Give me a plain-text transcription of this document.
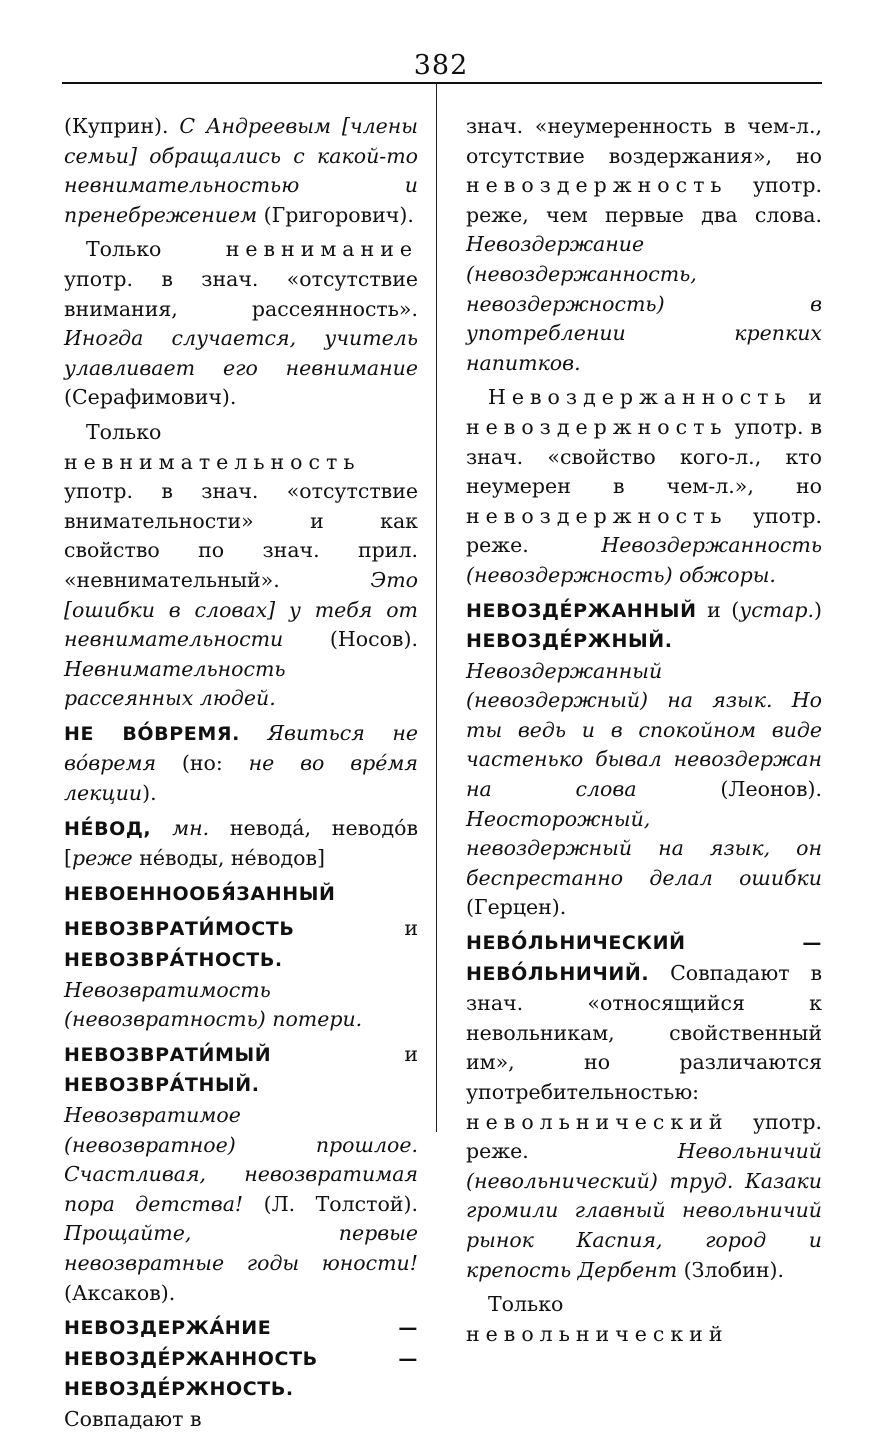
382

(Куприн). С Андреевым [члены семьи] обращались с какой-то невнимательностью и пренебрежением (Григорович).

Только невнимание употр. в знач. «отсутствие внимания, рассеянность». Иногда случается, учитель улавливает его невнимание (Серафимович).

Только невнимательность употр. в знач. «отсутствие внимательности» и как свойство по знач. прил. «невнимательный». Это [ошибки в словах] у тебя от невнимательности (Носов). Невнимательность рассеянных людей.

НЕ ВО́ВРЕМЯ. Явиться не во́время (но: не во вре́мя лекции).

НЕ́ВОД, мн. невода́, неводо́в [реже не́воды, не́водов]

НЕВОЕННООБЯ́ЗАННЫЙ

НЕВОЗВРАТИ́МОСТЬ и НЕВОЗВРА́ТНОСТЬ. Невозвратимость (невозвратность) потери.

НЕВОЗВРАТИ́МЫЙ и НЕВОЗВРА́ТНЫЙ. Невозвратимое (невозвратное) прошлое. Счастливая, невозвратимая пора детства! (Л. Толстой). Прощайте, первые невозвратные годы юности! (Аксаков).

НЕВОЗДЕРЖА́НИЕ — НЕВОЗДЕ́РЖАННОСТЬ — НЕВОЗДЕ́РЖНОСТЬ. Совпадают в

знач. «неумеренность в чем-л., отсутствие воздержания», но невоздержность употр. реже, чем первые два слова. Невоздержание (невоздержанность, невоздержность) в употреблении крепких напитков.

Невоздержанность и невоздержность употр. в знач. «свойство кого-л., кто неумерен в чем-л.», но невоздержность употр. реже. Невоздержанность (невоздержность) обжоры.

НЕВОЗДЕ́РЖАННЫЙ и (устар.) НЕВОЗДЕ́РЖНЫЙ. Невоздержанный (невоздержный) на язык. Но ты ведь и в спокойном виде частенько бывал невоздержан на слова (Леонов). Неосторожный, невоздержный на язык, он беспрестанно делал ошибки (Герцен).

НЕВО́ЛЬНИЧЕСКИЙ — НЕВО́ЛЬНИЧИЙ. Совпадают в знач. «относящийся к невольникам, свойственный им», но различаются употребительностью: невольнический употр. реже. Невольничий (невольнический) труд. Казаки громили главный невольничий рынок Каспия, город и крепость Дербент (Злобин).

Только невольнический
